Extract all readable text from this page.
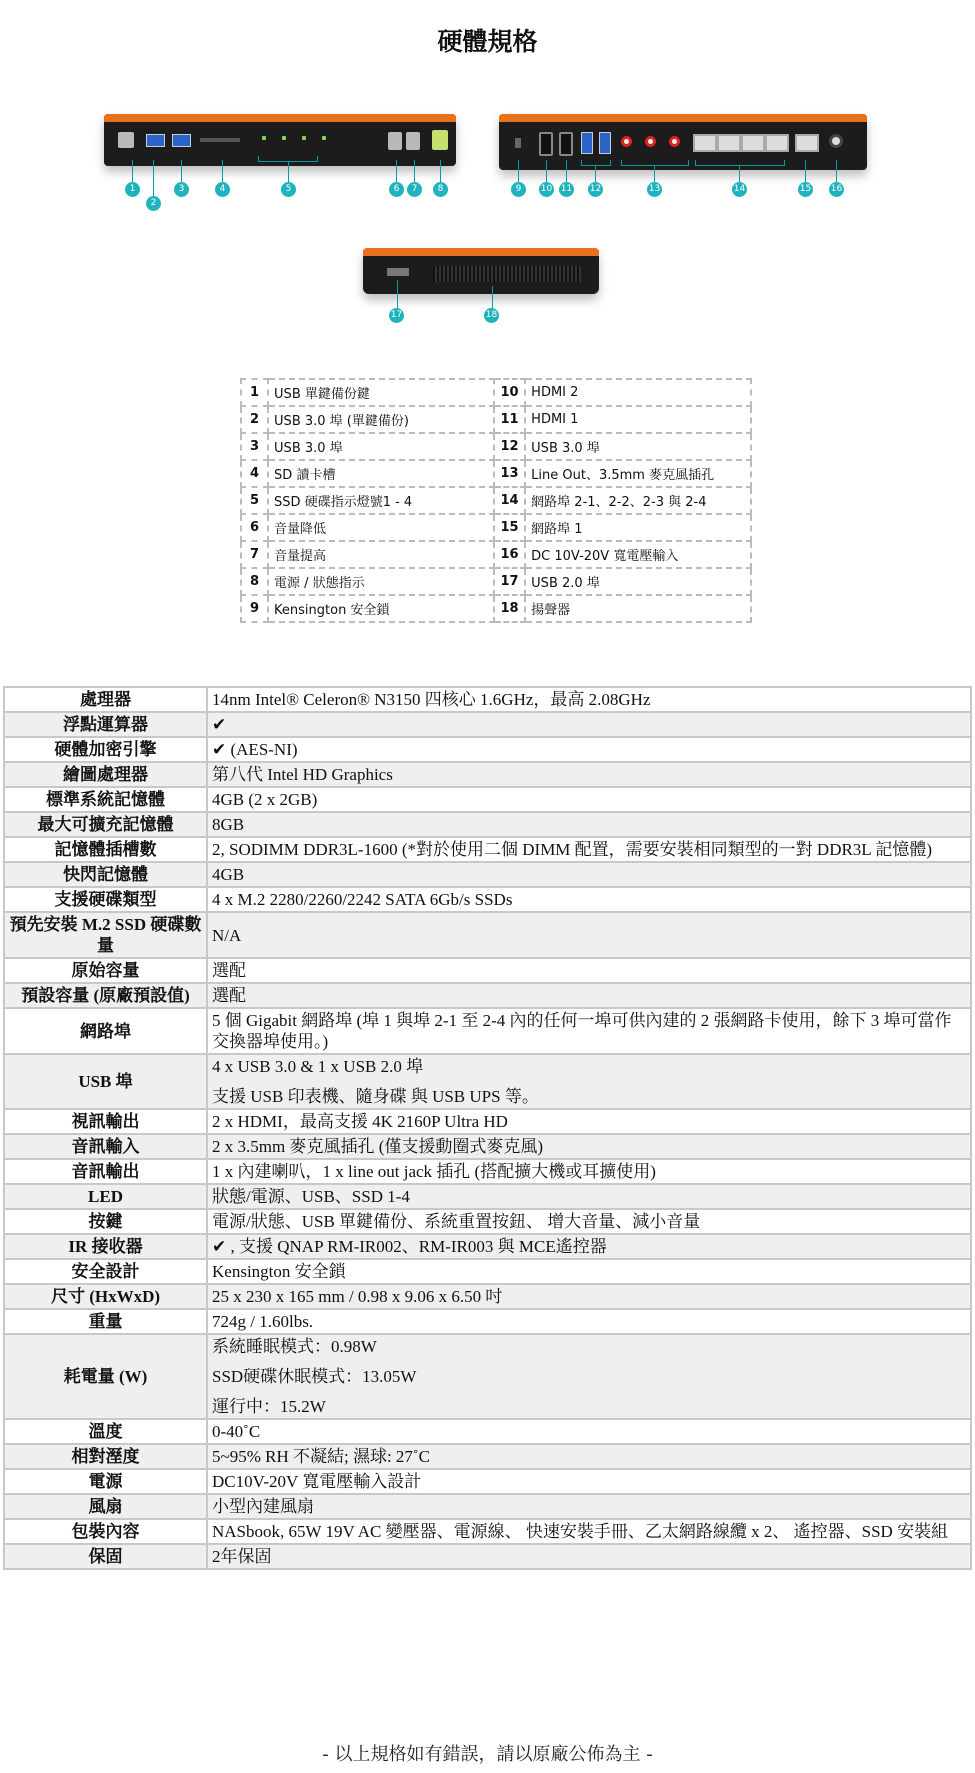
硬體規格
1
2
3	4	5	6	7	8	9	10 11 12	13	14	15 16
17	18
1	USB 單鍵備份鍵	10	HDMI 2
2	USB 3.0 埠 (單鍵備份)	11	HDMI 1
3	USB 3.0 埠	12	USB 3.0 埠
4	SD 讀卡槽	13	Line Out、3.5mm 麥克風插孔
5	SSD 硬碟指示燈號1 - 4	14	網路埠 2-1、2-2、2-3 與 2-4
6	音量降低	15	網路埠 1
7	音量提高	16	DC 10V-20V 寬電壓輸入
8	電源 / 狀態指示	17	USB 2.0 埠
9	Kensington 安全鎖	18	揚聲器
處理器	14nm Intel® Celeron® N3150 四核心 1.6GHz，最高 2.08GHz

浮點運算器	✔

硬體加密引擎	✔ (AES-NI)

繪圖處理器	第八代 Intel HD Graphics

標準系統記憶體	4GB (2 x 2GB)

最大可擴充記憶體	8GB

記憶體插槽數	2, SODIMM DDR3L-1600 (*對於使用二個 DIMM 配置，需要安裝相同類型的一對 DDR3L 記憶體)

快閃記憶體	4GB

支援硬碟類型	4 x M.2 2280/2260/2242 SATA 6Gb/s SSDs

預先安裝 M.2 SSD 硬碟數量	N/A

原始容量	選配

預設容量 (原廠預設值)	選配

網路埠	5 個 Gigabit 網路埠 (埠 1 與埠 2-1 至 2-4 內的任何一埠可供內建的 2 張網路卡使用，餘下 3 埠可當作交換器埠使用。)

USB 埠	4 x USB 3.0 & 1 x USB 2.0 埠
支援 USB 印表機、隨身碟 與 USB UPS 等。

視訊輸出	2 x HDMI，最高支援 4K 2160P Ultra HD

音訊輸入	2 x 3.5mm 麥克風插孔 (僅支援動圈式麥克風)

音訊輸出	1 x 內建喇叭，1 x line out jack 插孔 (搭配擴大機或耳擴使用)

LED	狀態/電源、USB、SSD 1-4

按鍵	電源/狀態、USB 單鍵備份、系統重置按鈕、 增大音量、減小音量

IR 接收器	✔ , 支援 QNAP RM-IR002、RM-IR003 與 MCE遙控器

安全設計	Kensington 安全鎖

尺寸 (HxWxD)	25 x 230 x 165 mm / 0.98 x 9.06 x 6.50 吋

重量	724g / 1.60lbs.

耗電量 (W)	系統睡眠模式：0.98W
SSD硬碟休眠模式：13.05W
運行中：15.2W

溫度	0-40˚C

相對溼度	5~95% RH 不凝結; 濕球: 27˚C

電源	DC10V-20V 寬電壓輸入設計

風扇	小型內建風扇

包裝內容	NASbook, 65W 19V AC 變壓器、電源線、 快速安裝手冊、乙太網路線纜 x 2、 遙控器、SSD 安裝組

保固	2年保固
- 以上規格如有錯誤，請以原廠公佈為主 -
